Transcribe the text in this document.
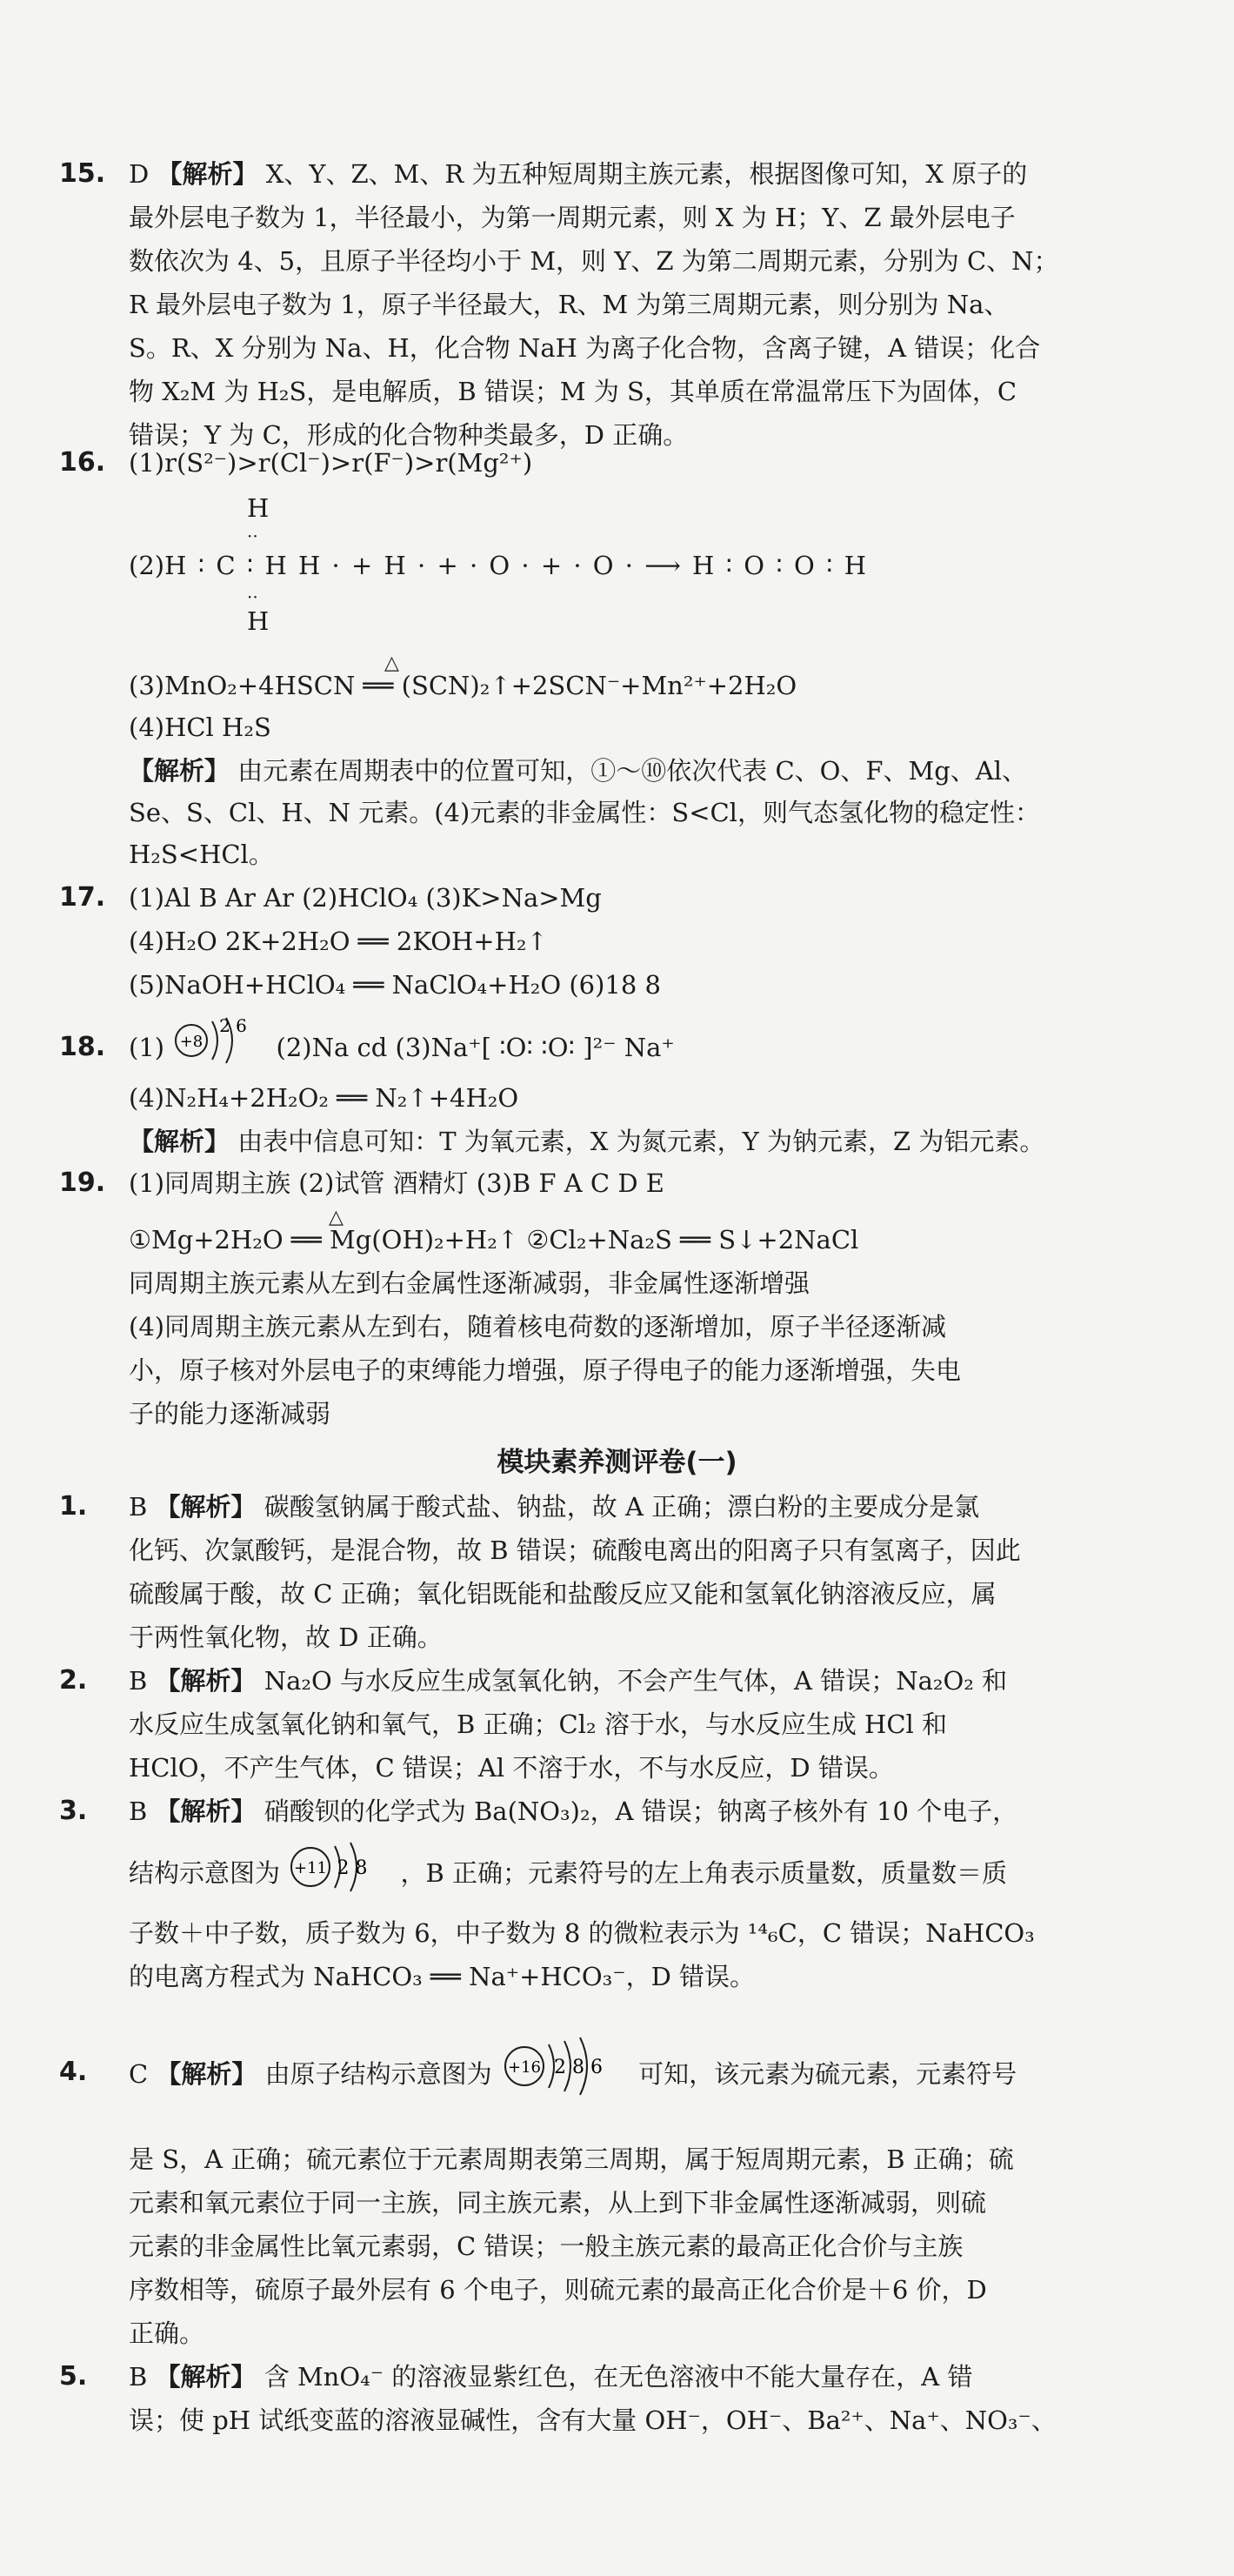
15. D 【解析】 X、Y、Z、M、R 为五种短周期主族元素，根据图像可知，X 原子的
最外层电子数为 1，半径最小，为第一周期元素，则 X 为 H；Y、Z 最外层电子
数依次为 4、5，且原子半径均小于 M，则 Y、Z 为第二周期元素，分别为 C、N；
R 最外层电子数为 1，原子半径最大，R、M 为第三周期元素，则分别为 Na、
S。R、X 分别为 Na、H，化合物 NaH 为离子化合物，含离子键，A 错误；化合
物 X₂M 为 H₂S，是电解质，B 错误；M 为 S，其单质在常温常压下为固体，C
错误；Y 为 C，形成的化合物种类最多，D 正确。
16. (1)r(S²⁻)>r(Cl⁻)>r(F⁻)>r(Mg²⁺)
H
··
(2)H ∶ C ∶ H H · + H · + · O · + · O · ⟶ H ∶ O ∶ O ∶ H
··
H
△
(3)MnO₂+4HSCN ══ (SCN)₂↑+2SCN⁻+Mn²⁺+2H₂O
(4)HCl H₂S
【解析】 由元素在周期表中的位置可知，①～⑩依次代表 C、O、F、Mg、Al、
Se、S、Cl、H、N 元素。(4)元素的非金属性：S<Cl，则气态氢化物的稳定性：
H₂S<HCl。
17. (1)Al B Ar Ar (2)HClO₄ (3)K>Na>Mg
(4)H₂O 2K+2H₂O ══ 2KOH+H₂↑
(5)NaOH+HClO₄ ══ NaClO₄+H₂O (6)18 8
18. (1) +8
2 6
(2)Na cd (3)Na⁺[ ∶O∶ ∶O∶ ]²⁻ Na⁺
(4)N₂H₄+2H₂O₂ ══ N₂↑+4H₂O
【解析】 由表中信息可知：T 为氧元素，X 为氮元素，Y 为钠元素，Z 为铝元素。
19. (1)同周期主族 (2)试管 酒精灯 (3)B F A C D E
△
①Mg+2H₂O ══ Mg(OH)₂+H₂↑ ②Cl₂+Na₂S ══ S↓+2NaCl
同周期主族元素从左到右金属性逐渐减弱，非金属性逐渐增强
(4)同周期主族元素从左到右，随着核电荷数的逐渐增加，原子半径逐渐减
小，原子核对外层电子的束缚能力增强，原子得电子的能力逐渐增强，失电
子的能力逐渐减弱
模块素养测评卷(一)
1. B 【解析】 碳酸氢钠属于酸式盐、钠盐，故 A 正确；漂白粉的主要成分是氯
化钙、次氯酸钙，是混合物，故 B 错误；硫酸电离出的阳离子只有氢离子，因此
硫酸属于酸，故 C 正确；氧化铝既能和盐酸反应又能和氢氧化钠溶液反应，属
于两性氧化物，故 D 正确。
2. B 【解析】 Na₂O 与水反应生成氢氧化钠，不会产生气体，A 错误；Na₂O₂ 和
水反应生成氢氧化钠和氧气，B 正确；Cl₂ 溶于水，与水反应生成 HCl 和
HClO，不产生气体，C 错误；Al 不溶于水，不与水反应，D 错误。
3. B 【解析】 硝酸钡的化学式为 Ba(NO₃)₂，A 错误；钠离子核外有 10 个电子，
结构示意图为 +11 2 8 ，B 正确；元素符号的左上角表示质量数，质量数＝质
子数＋中子数，质子数为 6，中子数为 8 的微粒表示为 ¹⁴₆C，C 错误；NaHCO₃
的电离方程式为 NaHCO₃ ══ Na⁺+HCO₃⁻，D 错误。
4. C 【解析】 由原子结构示意图为 +16 2 8 6 可知，该元素为硫元素，元素符号
是 S，A 正确；硫元素位于元素周期表第三周期，属于短周期元素，B 正确；硫
元素和氧元素位于同一主族，同主族元素，从上到下非金属性逐渐减弱，则硫
元素的非金属性比氧元素弱，C 错误；一般主族元素的最高正化合价与主族
序数相等，硫原子最外层有 6 个电子，则硫元素的最高正化合价是＋6 价，D
正确。
5. B 【解析】 含 MnO₄⁻ 的溶液显紫红色，在无色溶液中不能大量存在，A 错
误；使 pH 试纸变蓝的溶液显碱性，含有大量 OH⁻，OH⁻、Ba²⁺、Na⁺、NO₃⁻、
